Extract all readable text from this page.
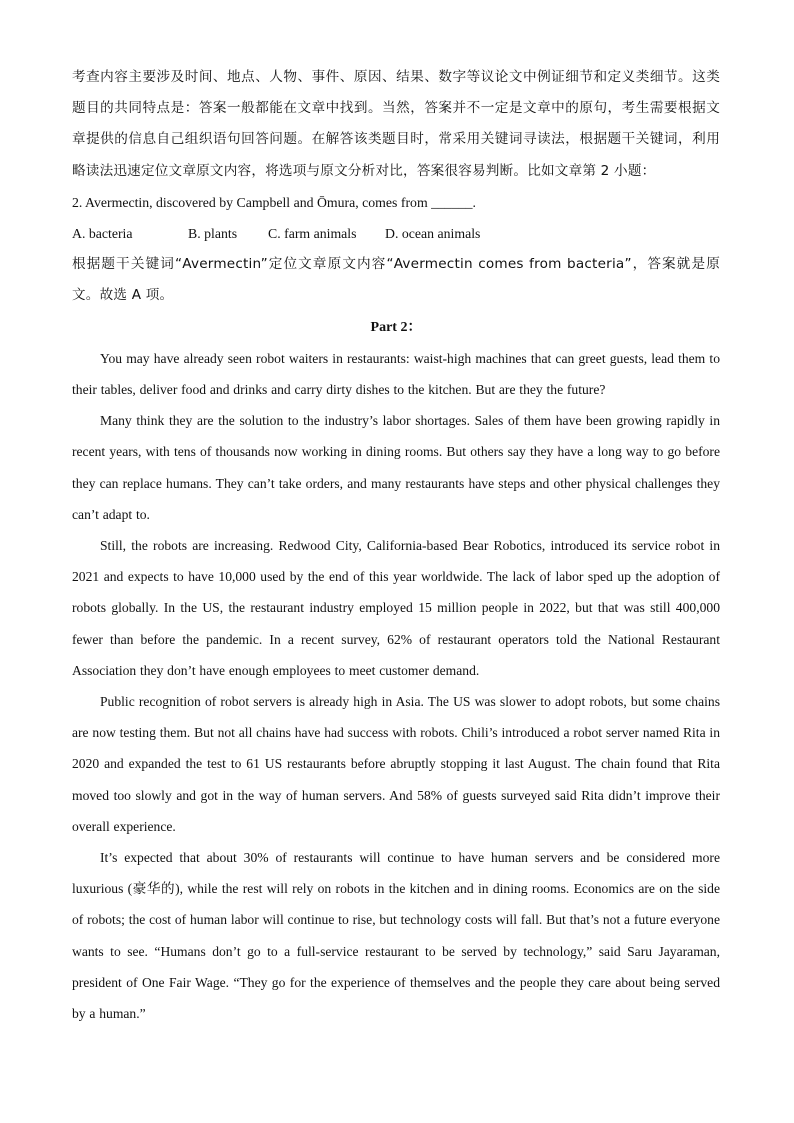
考查内容主要涉及时间、地点、人物、事件、原因、结果、数字等议论文中例证细节和定义类细节。这类题目的共同特点是：答案一般都能在文章中找到。当然，答案并不一定是文章中的原句，考生需要根据文章提供的信息自己组织语句回答问题。在解答该类题目时，常采用关键词寻读法，根据题干关键词，利用略读法迅速定位文章原文内容，将选项与原文分析对比，答案很容易判断。比如文章第 2 小题：

2. Avermectin, discovered by Campbell and Ōmura, comes from ______.

A. bacteria	B. plants	C. farm animals	D. ocean animals

根据题干关键词“Avermectin”定位文章原文内容“Avermectin comes from bacteria”，答案就是原文。故选 A 项。

Part 2：

You may have already seen robot waiters in restaurants: waist-high machines that can greet guests, lead them to their tables, deliver food and drinks and carry dirty dishes to the kitchen. But are they the future?

Many think they are the solution to the industry’s labor shortages. Sales of them have been growing rapidly in recent years, with tens of thousands now working in dining rooms. But others say they have a long way to go before they can replace humans. They can’t take orders, and many restaurants have steps and other physical challenges they can’t adapt to.

Still, the robots are increasing. Redwood City, California-based Bear Robotics, introduced its service robot in 2021 and expects to have 10,000 used by the end of this year worldwide. The lack of labor sped up the adoption of robots globally. In the US, the restaurant industry employed 15 million people in 2022, but that was still 400,000 fewer than before the pandemic. In a recent survey, 62% of restaurant operators told the National Restaurant Association they don’t have enough employees to meet customer demand.

Public recognition of robot servers is already high in Asia. The US was slower to adopt robots, but some chains are now testing them. But not all chains have had success with robots. Chili’s introduced a robot server named Rita in 2020 and expanded the test to 61 US restaurants before abruptly stopping it last August. The chain found that Rita moved too slowly and got in the way of human servers. And 58% of guests surveyed said Rita didn’t improve their overall experience.

It’s expected that about 30% of restaurants will continue to have human servers and be considered more luxurious (豪华的), while the rest will rely on robots in the kitchen and in dining rooms. Economics are on the side of robots; the cost of human labor will continue to rise, but technology costs will fall. But that’s not a future everyone wants to see. “Humans don’t go to a full-service restaurant to be served by technology,” said Saru Jayaraman, president of One Fair Wage. “They go for the experience of themselves and the people they care about being served by a human.”
